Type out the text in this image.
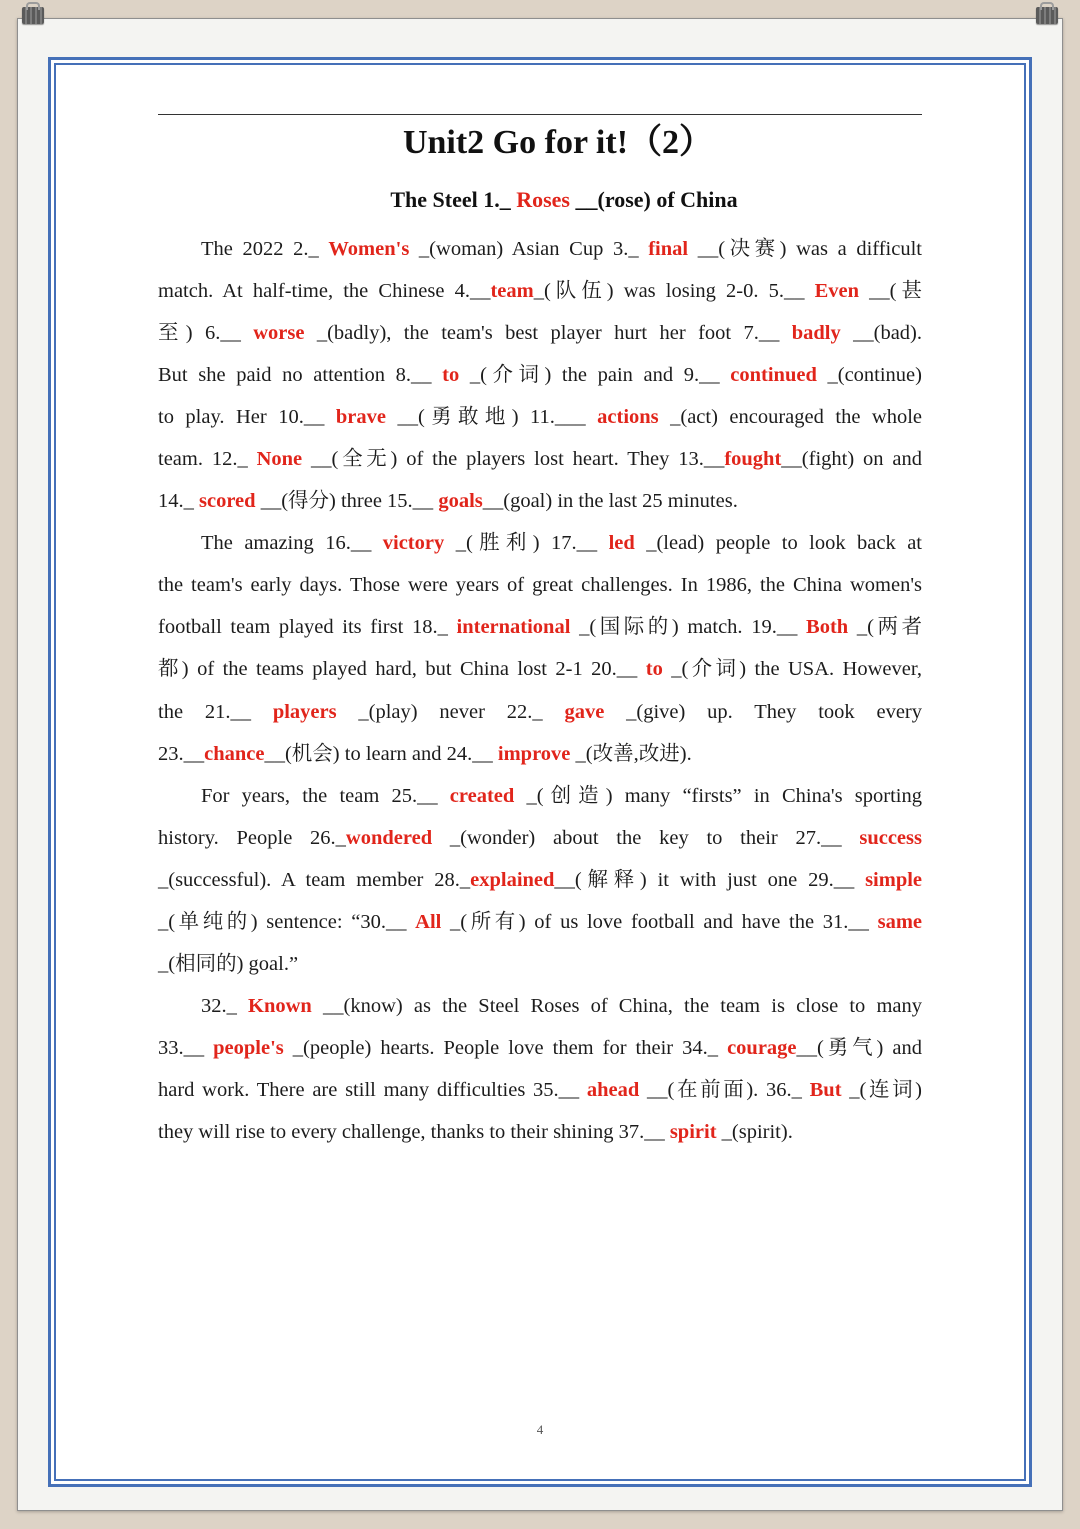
Unit2 Go for it!（2）
The Steel 1._ Roses __(rose) of China
The 2022 2._ Women's _(woman) Asian Cup 3._ final __(决赛) was a difficult
match. At half-time, the Chinese 4.__team_(队伍) was losing 2-0. 5.__ Even __(甚
至) 6.__ worse _(badly), the team's best player hurt her foot 7.__ badly __(bad).
But she paid no attention 8.__ to _(介词) the pain and 9.__ continued _(continue)
to play. Her 10.__ brave __(勇敢地) 11.___ actions _(act) encouraged the whole
team. 12._ None __(全无) of the players lost heart. They 13.__fought__(fight) on and
14._ scored __(得分) three 15.__ goals__(goal) in the last 25 minutes.
The amazing 16.__ victory _(胜利) 17.__ led _(lead) people to look back at
the team's early days. Those were years of great challenges. In 1986, the China women's
football team played its first 18._ international _(国际的) match. 19.__ Both _(两者
都) of the teams played hard, but China lost 2-1 20.__ to _(介词) the USA. However,
the 21.__ players _(play) never 22._ gave _(give) up. They took every
23.__chance__(机会) to learn and 24.__ improve _(改善,改进).
For years, the team 25.__ created _(创造) many “firsts” in China's sporting
history. People 26._wondered _(wonder) about the key to their 27.__ success
_(successful). A team member 28._explained__(解释) it with just one 29.__ simple
_(单纯的) sentence: “30.__ All _(所有) of us love football and have the 31.__ same
_(相同的) goal.”
32._ Known __(know) as the Steel Roses of China, the team is close to many
33.__ people's _(people) hearts. People love them for their 34._ courage__(勇气) and
hard work. There are still many difficulties 35.__ ahead __(在前面). 36._ But _(连词)
they will rise to every challenge, thanks to their shining 37.__ spirit _(spirit).
4
